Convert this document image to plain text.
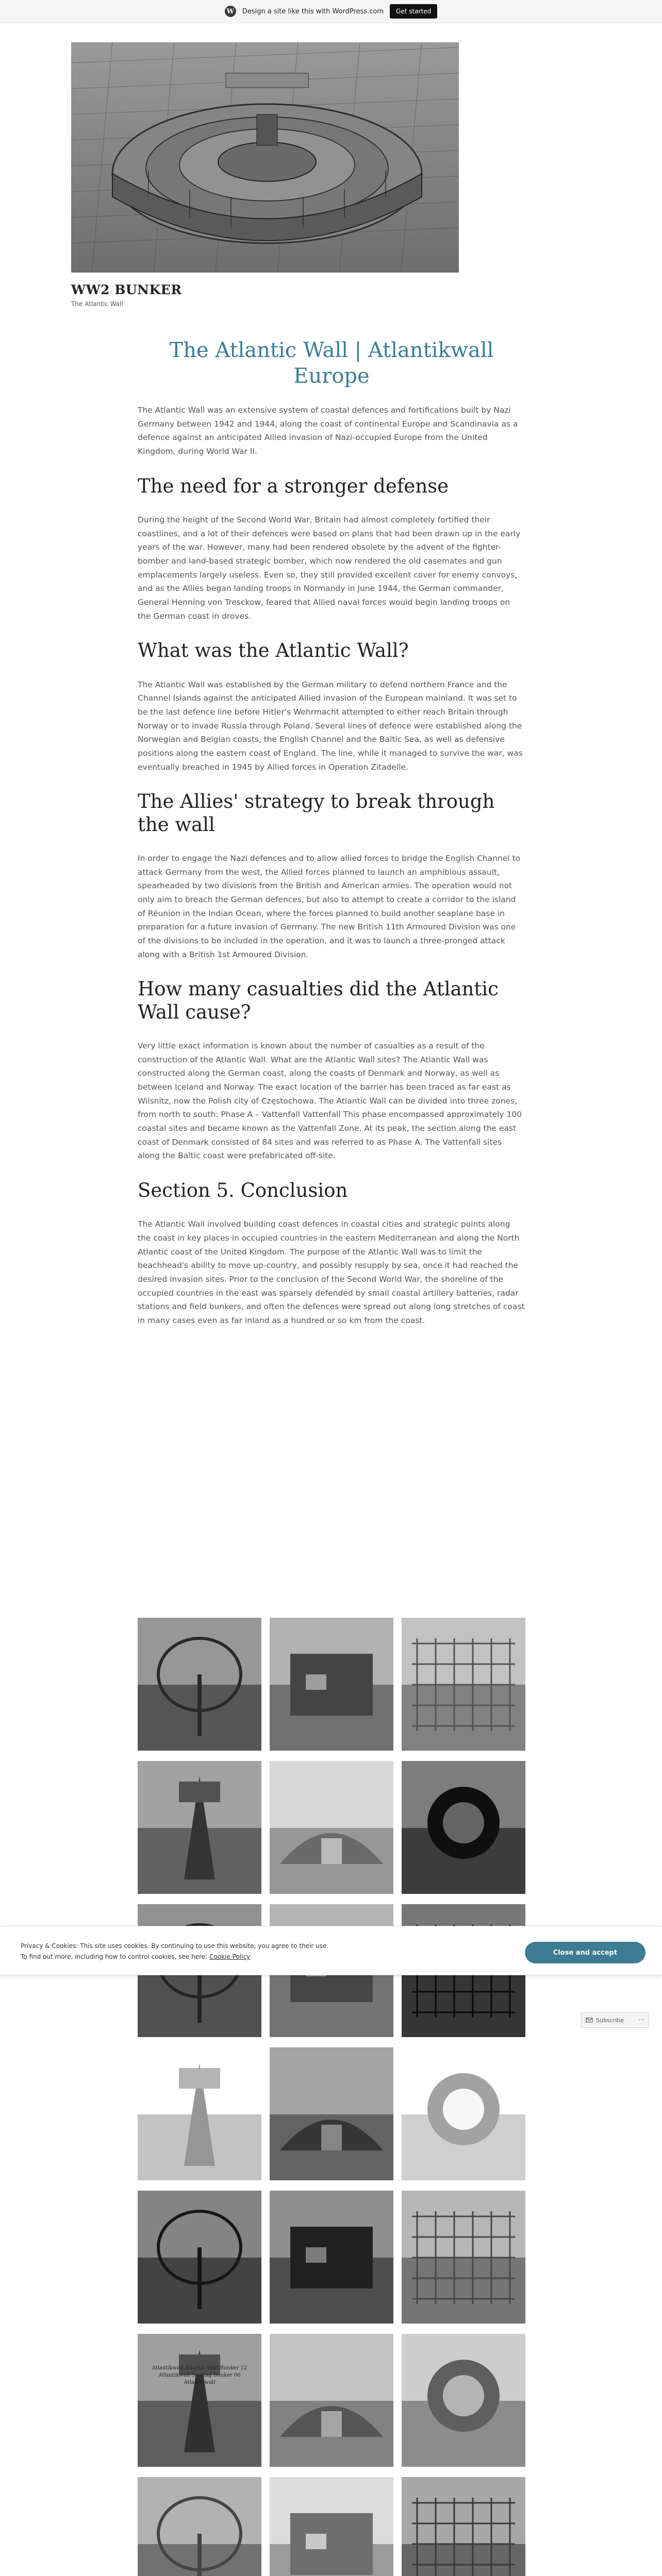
W Design a site like this with WordPress.com	Get started
WW2 BUNKER
The Atlantic Wall
The Atlantic Wall | Atlantikwall Europe

The Atlantic Wall was an extensive system of coastal defences and fortifications built by Nazi Germany between 1942 and 1944, along the coast of continental Europe and Scandinavia as a defence against an anticipated Allied invasion of Nazi-occupied Europe from the United Kingdom, during World War II.

The need for a stronger defense

During the height of the Second World War, Britain had almost completely fortified their coastlines, and a lot of their defences were based on plans that had been drawn up in the early years of the war. However, many had been rendered obsolete by the advent of the fighter-bomber and land-based strategic bomber, which now rendered the old casemates and gun emplacements largely useless. Even so, they still provided excellent cover for enemy convoys, and as the Allies began landing troops in Normandy in June 1944, the German commander, General Henning von Tresckow, feared that Allied naval forces would begin landing troops on the German coast in droves.

What was the Atlantic Wall?

The Atlantic Wall was established by the German military to defend northern France and the Channel Islands against the anticipated Allied invasion of the European mainland. It was set to be the last defence line before Hitler's Wehrmacht attempted to either reach Britain through Norway or to invade Russia through Poland. Several lines of defence were established along the Norwegian and Belgian coasts, the English Channel and the Baltic Sea, as well as defensive positions along the eastern coast of England. The line, while it managed to survive the war, was eventually breached in 1945 by Allied forces in Operation Zitadelle.

The Allies' strategy to break through the wall

In order to engage the Nazi defences and to allow allied forces to bridge the English Channel to attack Germany from the west, the Allied forces planned to launch an amphibious assault, spearheaded by two divisions from the British and American armies. The operation would not only aim to breach the German defences, but also to attempt to create a corridor to the island of Réunion in the Indian Ocean, where the forces planned to build another seaplane base in preparation for a future invasion of Germany. The new British 11th Armoured Division was one of the divisions to be included in the operation, and it was to launch a three-pronged attack along with a British 1st Armoured Division.

How many casualties did the Atlantic Wall cause?

Very little exact information is known about the number of casualties as a result of the construction of the Atlantic Wall. What are the Atlantic Wall sites? The Atlantic Wall was constructed along the German coast, along the coasts of Denmark and Norway, as well as between Iceland and Norway. The exact location of the barrier has been traced as far east as Wilsnitz, now the Polish city of Częstochowa. The Atlantic Wall can be divided into three zones, from north to south: Phase A – Vattenfall Vattenfall This phase encompassed approximately 100 coastal sites and became known as the Vattenfall Zone. At its peak, the section along the east coast of Denmark consisted of 84 sites and was referred to as Phase A. The Vattenfall sites along the Baltic coast were prefabricated off-site.

Section 5. Conclusion

The Atlantic Wall involved building coast defences in coastal cities and strategic points along the coast in key places in occupied countries in the eastern Mediterranean and along the North Atlantic coast of the United Kingdom. The purpose of the Atlantic Wall was to limit the beachhead's ability to move up-country, and possibly resupply by sea, once it had reached the desired invasion sites. Prior to the conclusion of the Second World War, the shoreline of the occupied countries in the east was sparsely defended by small coastal artillery batteries, radar stations and field bunkers, and often the defences were spread out along long stretches of coast in many cases even as far inland as a hundred or so km from the coast.

Atlantikwall Atlantic Wall Bunker 12 Atlantikwall Stelling Bunker 00 Atlantikwall
Privacy & Cookies: This site uses cookies. By continuing to use this website, you agree to their use.
To find out more, including how to control cookies, see here: Cookie Policy
Close and accept
Subscribe ···
